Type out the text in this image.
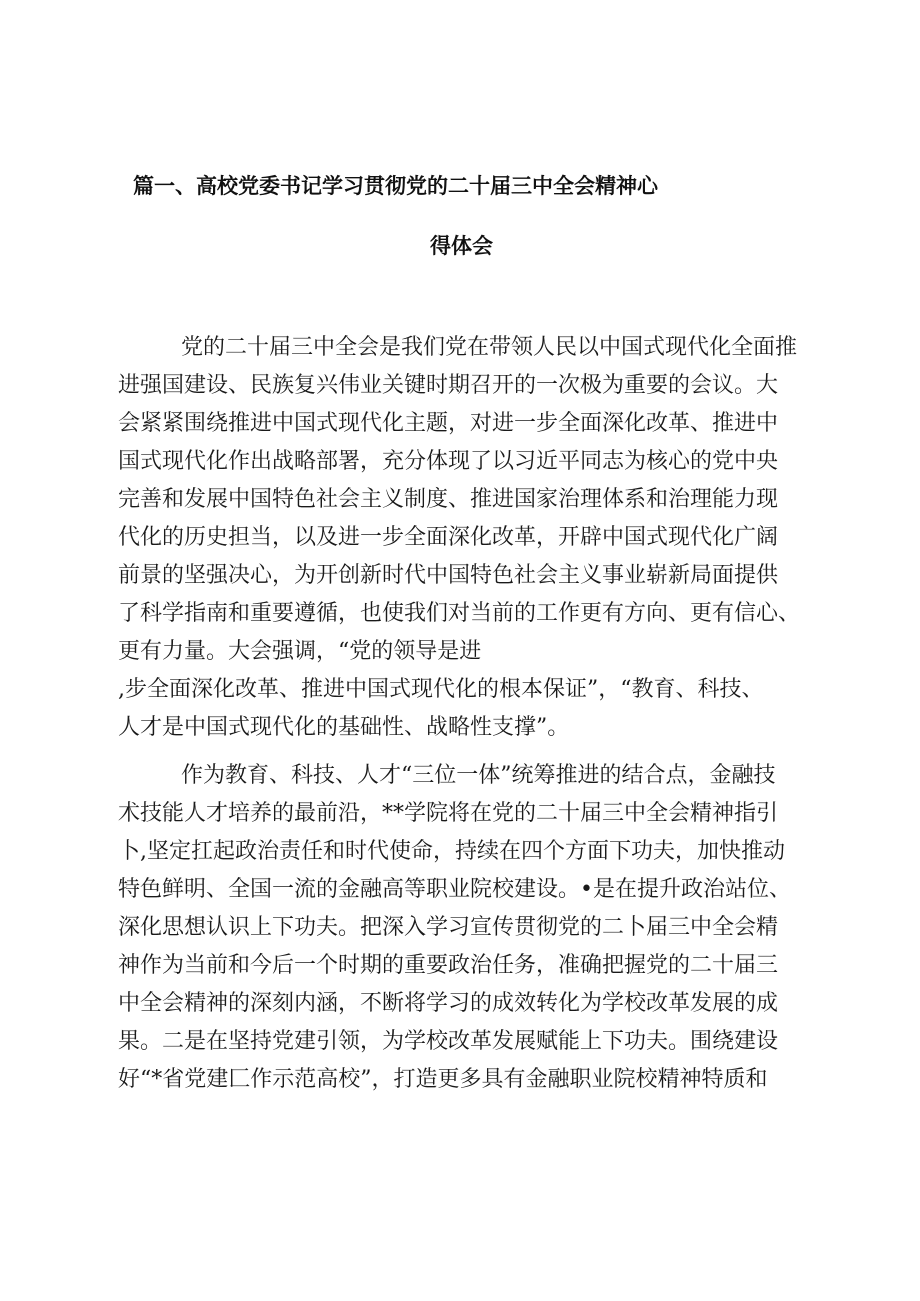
篇一、高校党委书记学习贯彻党的二十届三中全会精神心
得体会
党的二十届三中全会是我们党在带领人民以中国式现代化全面推
进强国建设、民族复兴伟业关键时期召开的一次极为重要的会议。大
会紧紧围绕推进中国式现代化主题，对进一步全面深化改革、推进中
国式现代化作出战略部署，充分体现了以习近平同志为核心的党中央
完善和发展中国特色社会主义制度、推进国家治理体系和治理能力现
代化的历史担当，以及进一步全面深化改革，开辟中国式现代化广阔
前景的坚强决心，为开创新时代中国特色社会主义事业崭新局面提供
了科学指南和重要遵循，也使我们对当前的工作更有方向、更有信心、
更有力量。大会强调，“党的领导是进
,步全面深化改革、推进中国式现代化的根本保证”，“教育、科技、
人才是中国式现代化的基础性、战略性支撑”。
作为教育、科技、人才“三位一体”统筹推进的结合点，金融技
术技能人才培养的最前沿，**学院将在党的二十届三中全会精神指引
卜,坚定扛起政治责任和时代使命，持续在四个方面下功夫，加快推动
特色鲜明、全国一流的金融高等职业院校建设。•是在提升政治站位、
深化思想认识上下功夫。把深入学习宣传贯彻党的二卜届三中全会精
神作为当前和今后一个时期的重要政治任务，准确把握党的二十届三
中全会精神的深刻内涵，不断将学习的成效转化为学校改革发展的成
果。二是在坚持党建引领，为学校改革发展赋能上下功夫。围绕建设
好“*省党建匚作示范高校”，打造更多具有金融职业院校精神特质和
